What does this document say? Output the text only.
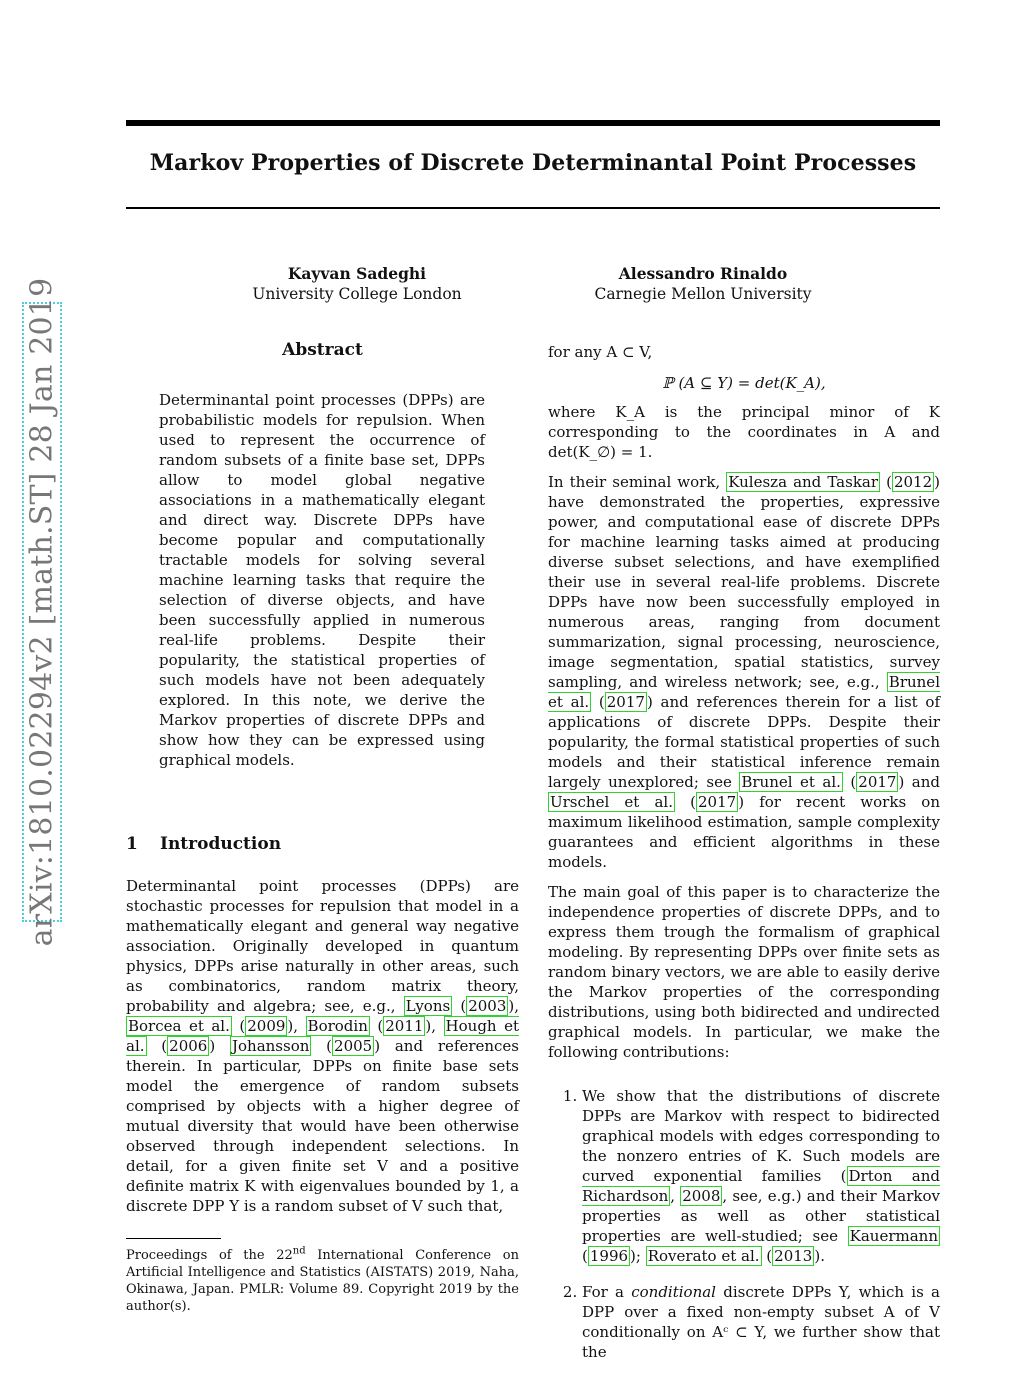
Markov Properties of Discrete Determinantal Point Processes
arXiv:1810.02294v2 [math.ST] 28 Jan 2019
Kayvan Sadeghi
University College London
Alessandro Rinaldo
Carnegie Mellon University
Abstract

Determinantal point processes (DPPs) are probabilistic models for repulsion. When used to represent the occurrence of random subsets of a finite base set, DPPs allow to model global negative associations in a mathematically elegant and direct way. Discrete DPPs have become popular and computationally tractable models for solving several machine learning tasks that require the selection of diverse objects, and have been successfully applied in numerous real-life problems. Despite their popularity, the statistical properties of such models have not been adequately explored. In this note, we derive the Markov properties of discrete DPPs and show how they can be expressed using graphical models.

1 Introduction

Determinantal point processes (DPPs) are stochastic processes for repulsion that model in a mathematically elegant and general way negative association. Originally developed in quantum physics, DPPs arise naturally in other areas, such as combinatorics, random matrix theory, probability and algebra; see, e.g., Lyons ( 2003 ), Borcea et al. ( 2009 ), Borodin ( 2011 ), Hough et al. ( 2006 ) Johansson ( 2005 ) and references therein. In particular, DPPs on finite base sets model the emergence of random subsets comprised by objects with a higher degree of mutual diversity that would have been otherwise observed through independent selections. In detail, for a given finite set V and a positive definite matrix K with eigenvalues bounded by 1, a discrete DPP Y is a random subset of V such that,

Proceedings of the 22nd International Conference on Artificial Intelligence and Statistics (AISTATS) 2019, Naha, Okinawa, Japan. PMLR: Volume 89. Copyright 2019 by the author(s).

for any A ⊂ V,

ℙ (A ⊆ Y) = det(K_A),

where K_A is the principal minor of K corresponding to the coordinates in A and det(K_∅) = 1.

In their seminal work, Kulesza and Taskar ( 2012 ) have demonstrated the properties, expressive power, and computational ease of discrete DPPs for machine learning tasks aimed at producing diverse subset selections, and have exemplified their use in several real-life problems. Discrete DPPs have now been successfully employed in numerous areas, ranging from document summarization, signal processing, neuroscience, image segmentation, spatial statistics, survey sampling, and wireless network; see, e.g., Brunel et al. ( 2017 ) and references therein for a list of applications of discrete DPPs. Despite their popularity, the formal statistical properties of such models and their statistical inference remain largely unexplored; see Brunel et al. ( 2017 ) and Urschel et al. ( 2017 ) for recent works on maximum likelihood estimation, sample complexity guarantees and efficient algorithms in these models.

The main goal of this paper is to characterize the independence properties of discrete DPPs, and to express them trough the formalism of graphical modeling. By representing DPPs over finite sets as random binary vectors, we are able to easily derive the Markov properties of the corresponding distributions, using both bidirected and undirected graphical models. In particular, we make the following contributions:

1. We show that the distributions of discrete DPPs are Markov with respect to bidirected graphical models with edges corresponding to the nonzero entries of K. Such models are curved exponential families ( Drton and Richardson , 2008 , see, e.g.) and their Markov properties as well as other statistical properties are well-studied; see Kauermann ( 1996 ); Roverato et al. ( 2013 ).
2. For a conditional discrete DPPs Y, which is a DPP over a fixed non-empty subset A of V conditionally on Aᶜ ⊂ Y, we further show that the
